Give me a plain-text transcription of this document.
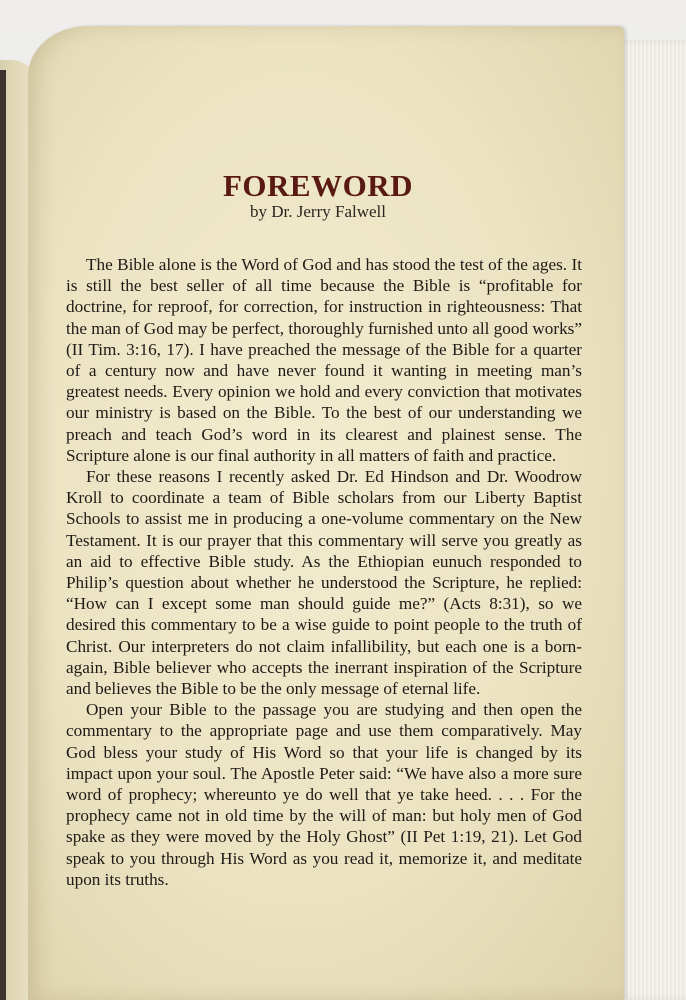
FOREWORD
by Dr. Jerry Falwell

The Bible alone is the Word of God and has stood the test of the ages. It is still the best seller of all time because the Bible is “profitable for doctrine, for reproof, for correction, for instruction in righteousness: That the man of God may be perfect, thoroughly furnished unto all good works” (II Tim. 3:16, 17). I have preached the message of the Bible for a quarter of a century now and have never found it wanting in meeting man’s greatest needs. Every opinion we hold and every conviction that motivates our ministry is based on the Bible. To the best of our understanding we preach and teach God’s word in its clearest and plainest sense. The Scripture alone is our final authority in all matters of faith and practice.

For these reasons I recently asked Dr. Ed Hindson and Dr. Woodrow Kroll to coordinate a team of Bible scholars from our Liberty Baptist Schools to assist me in producing a one-volume commentary on the New Testament. It is our prayer that this commentary will serve you greatly as an aid to effective Bible study. As the Ethiopian eunuch responded to Philip’s question about whether he understood the Scripture, he replied: “How can I except some man should guide me?” (Acts 8:31), so we desired this commentary to be a wise guide to point people to the truth of Christ. Our interpreters do not claim infallibility, but each one is a born-again, Bible believer who accepts the inerrant inspiration of the Scripture and believes the Bible to be the only message of eternal life.

Open your Bible to the passage you are studying and then open the commentary to the appropriate page and use them comparatively. May God bless your study of His Word so that your life is changed by its impact upon your soul. The Apostle Peter said: “We have also a more sure word of prophecy; whereunto ye do well that ye take heed. . . . For the prophecy came not in old time by the will of man: but holy men of God spake as they were moved by the Holy Ghost” (II Pet 1:19, 21). Let God speak to you through His Word as you read it, memorize it, and meditate upon its truths.
